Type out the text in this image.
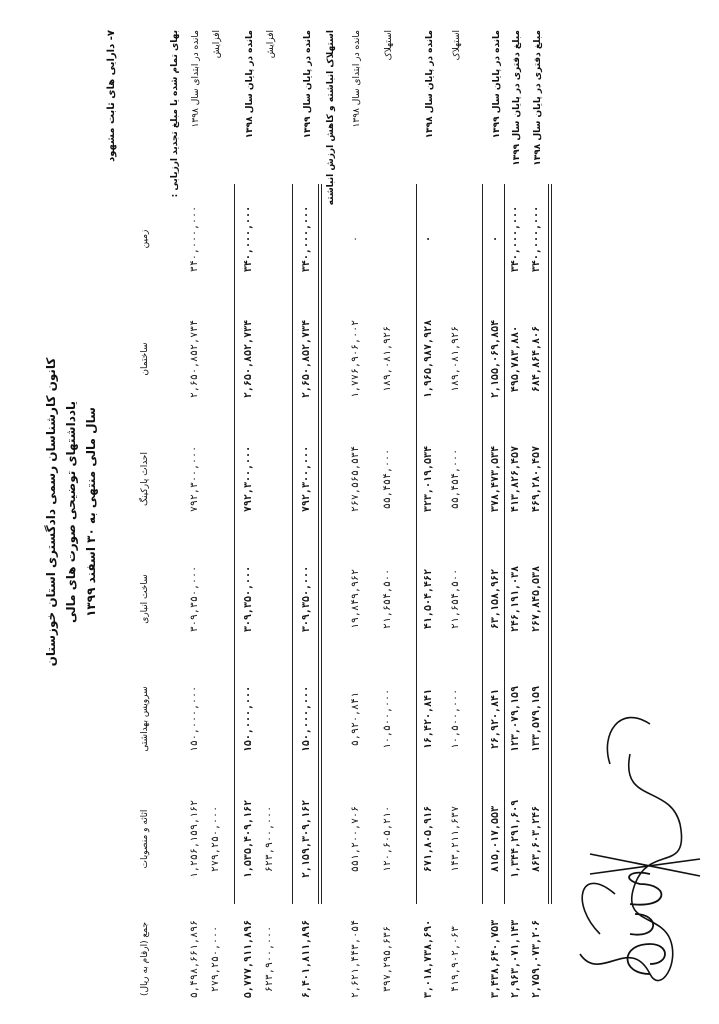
کانون کارشناسان رسمی دادگستری استان خوزستان یادداشتهای توضیحی صورت های مالی سال مالی منتهی به ۳۰ اسفند ۱۳۹۹
۷- دارایی های ثابت مشهود
زمین
ساختمان
احداث پارکینگ
ساخت انباری
سرویس بهداشتی
اثاثه و منصوبات
جمع (ارقام به ریال)
بهای تمام شده یا مبلغ تجدید ارزیابی : مانده در ابتدای سال ۱۳۹۸ افزایش
مانده در پایان سال ۱۳۹۸ افزایش
مانده در پایان سال ۱۳۹۹ استهلاک انباشته و کاهش ارزش انباشته مانده در ابتدای سال ۱۳۹۸ استهلاک
مانده در پایان سال ۱۳۹۸ استهلاک
مانده در پایان سال ۱۳۹۹
مبلغ دفتری در پایان سال ۱۳۹۹
مبلغ دفتری در پایان سال ۱۳۹۸
۳۴۰,۰۰۰,۰۰۰
۲,۶۵۰,۸۵۲,۷۳۴
۷۹۲,۳۰۰,۰۰۰
۳۰۹,۳۵۰,۰۰۰
۱۵۰,۰۰۰,۰۰۰
۱,۲۵۶,۱۵۹,۱۶۲
۵,۴۹۸,۶۶۱,۸۹۶
۲۷۹,۲۵۰,۰۰۰
۲۷۹,۲۵۰,۰۰۰
۳۴۰,۰۰۰,۰۰۰
۲,۶۵۰,۸۵۲,۷۳۴
۷۹۲,۳۰۰,۰۰۰
۳۰۹,۳۵۰,۰۰۰
۱۵۰,۰۰۰,۰۰۰
۱,۵۳۵,۴۰۹,۱۶۲
۵,۷۷۷,۹۱۱,۸۹۶
۶۲۳,۹۰۰,۰۰۰
۶۲۳,۹۰۰,۰۰۰
۳۴۰,۰۰۰,۰۰۰
۲,۶۵۰,۸۵۲,۷۳۴
۷۹۲,۳۰۰,۰۰۰
۳۰۹,۳۵۰,۰۰۰
۱۵۰,۰۰۰,۰۰۰
۲,۱۵۹,۳۰۹,۱۶۲
۶,۴۰۱,۸۱۱,۸۹۶
۰
۱,۷۷۶,۹۰۶,۰۰۲
۲۶۷,۵۶۵,۵۳۴
۱۹,۸۴۹,۹۶۲
۵,۹۲۰,۸۴۱
۵۵۱,۲۰۰,۷۰۶
۲,۶۲۱,۴۴۳,۰۵۴
۱۸۹,۰۸۱,۹۲۶
۵۵,۴۵۴,۰۰۰
۲۱,۶۵۴,۵۰۰
۱۰,۵۰۰,۰۰۰
۱۲۰,۶۰۵,۲۱۰
۳۹۷,۲۹۵,۶۳۶
۰
۱,۹۶۵,۹۸۷,۹۲۸
۳۲۳,۰۱۹,۵۳۴
۴۱,۵۰۴,۴۶۲
۱۶,۴۲۰,۸۴۱
۶۷۱,۸۰۵,۹۱۶
۳,۰۱۸,۷۳۸,۶۹۰
۱۸۹,۰۸۱,۹۲۶
۵۵,۴۵۴,۰۰۰
۲۱,۶۵۴,۵۰۰
۱۰,۵۰۰,۰۰۰
۱۴۳,۲۱۱,۶۳۷
۴۱۹,۹۰۲,۰۶۳
۰
۲,۱۵۵,۰۶۹,۸۵۴
۳۷۸,۴۷۳,۵۳۴
۶۳,۱۵۸,۹۶۲
۲۶,۹۲۰,۸۴۱
۸۱۵,۰۱۷,۵۵۳
۳,۴۳۸,۶۴۰,۷۵۳
۳۴۰,۰۰۰,۰۰۰
۴۹۵,۷۸۳,۸۸۰
۴۱۳,۸۲۶,۴۵۷
۲۴۶,۱۹۱,۰۳۸
۱۲۳,۰۷۹,۱۵۹
۱,۳۴۴,۲۹۱,۶۰۹
۲,۹۶۳,۰۷۱,۱۴۳
۳۴۰,۰۰۰,۰۰۰
۶۸۴,۸۶۴,۸۰۶
۴۶۹,۲۸۰,۴۵۷
۲۶۷,۸۴۵,۵۳۸
۱۳۳,۵۷۹,۱۵۹
۸۶۳,۶۰۳,۲۴۶
۲,۷۵۹,۰۷۳,۲۰۶
